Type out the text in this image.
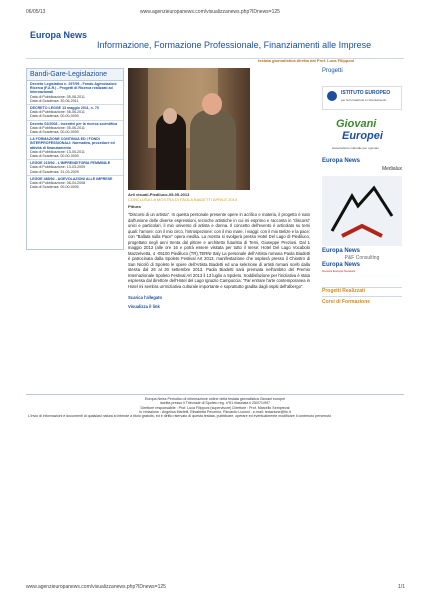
06/05/13	www.agenzieuropanews.com/visualizzanews.php?IDnews=125
Europa News
Informazione, Formazione Professionale, Finanziamenti alle Imprese
testata giornalistica diretta dal Prof. Luca Filipponi
Bandi-Gare-Legislazione
Decreto Legislativo n. 297/99 - Fondo Agevolazioni Ricerca (F.A.R.) - Progetti di Ricerca realizzati ad Internazionali
Data di Pubblicazione: 05-08-2011
Data di Scadenza: 30-06-2011
DECRETO LEGGE 13 maggio 2011, n. 70
Data di Pubblicazione: 06-06-2011
Data di Scadenza: 00-00-0000
Decreto 02/2008 - Incentivi per la ricerca scientifica
Data di Pubblicazione: 05-06-2011
Data di Scadenza: 00-00-0000
LA FORMAZIONE CONTINUA ED I FONDI INTERPROFESSIONALI: Normativa, procedure ed attività di finanziamento
Data di Pubblicazione: 13-05-2011
Data di Scadenza: 00-00-0000
LEGGE 215/92 - L'IMPRENDITORIA FEMMINILE
Data di Pubblicazione: 13-03-2009
Data di Scadenza: 31-03-2009
LEGGE 488/92 - AGEVOLAZIONI ALLE IMPRESE
Data di Pubblicazione: 08-04-2008
Data di Scadenza: 00-00-0000
Arti visuali-Piediluco-05-05-2013
CONCLUSA LA MOSTRA DI PAOLA BIADETTI APRILE 2013
Pittura
"Discorsi di un artista". In questa personale presente opere in acrilico e materia, il progetto è nato dall'unione delle diverse espressioni, tecniche artistiche in cui mi esprimo e racconta in "discorsi" unici e particolari, il mio universo di artista e donna. Il concetto dell'evento è articolato su temi quali: l'amore: con il mio circo, l'introspezione: con il mio mare, i viaggi: con il mio Belize e la pace: con "Ballata sulla Pace" opera inedita. La mostra si svolgerà presso Hotel Del Lago di Piediluco, progettato negli anni trenta dal pittore e architetto futurista di Terni, Giuseppe Preziosi. Dal 1 maggio 2013 (alle ore 16 e potrà essere visitata per tutto il mese: Hotel Del Lago Vocabolo Mazzelvetta, 4 -05100 Piediluco (TR),TERNI Italy La personale dell'Artista romana Paola Biadetti è patrocinata dalla Spoleto Festival Art 2013, manifestazione che ospiterà presso il Chiostro di San Nicolò di Spoleto le opere dell'Artista Biadetti ed una selezione di artisti romani scelti dalla stessa dal 26 al 30 settembre 2013. Paola Biadetti sarà premiata nell'ambito del Premio Internazionale Spoleto Festival Art 2013 il 13 luglio a Spoleto. Soddisfazione per l'iniziativa è stata espressa dal direttore dell'Hotel del Lago Ignazio Campoccia: "Far entrare l'arte contemporanea in Hotel mi sembra un'iniziativa culturale importante e soprattutto gradita dagli ospiti dell'albergo".
Scarica l'allegato
Visualizza il link
Progetti
ISTITUTO EUROPEO
per la formazione e l'orientamento
Giovani
Europei
Associazione culturale per i giovani
Europa News
Medialux
Europa News
P&F Consulting
Europa News
Giovani Europei Network
Progetti Realizzati
Corsi di Formazione
Europa News Periodico di informazione online della testata giornalistica Giovani europei
iscritta presso il Tribunale di Spoleto reg. n°61 rilasciata il 25/07/1997
Direttore responsabile : Prof. Luca Filipponi (supervisore) Direttore : Prof. Marcello Sempreval
In redazione : Angelica Martelli, Elisabetta Pecorino, Riccardo Lucioni - e-mail: redazione@tin.it
L'invio di informazioni e documenti di qualsiasi natura si intende a titolo gratuito, ed è diritto riservato di questa testata, pubblicare, operare ed eventualmente modificare il contenuto pervenuto
www.agenzieuropanews.com/visualizzanews.php?IDnews=125	1/1
